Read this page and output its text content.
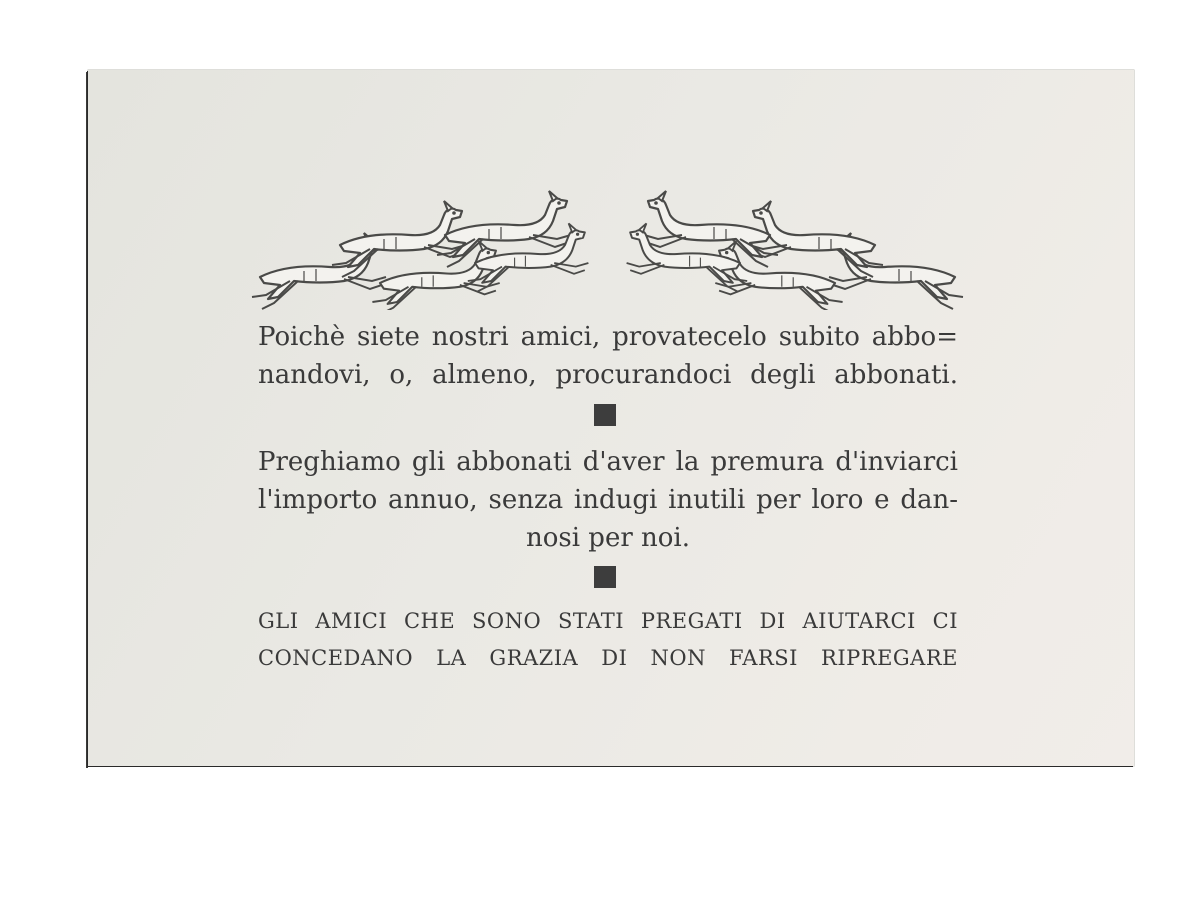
Poichè siete nostri amici, provatecelo subito abbo=
nandovi, o, almeno, procurandoci degli abbonati.
Preghiamo gli abbonati d'aver la premura d'inviarci
l'importo annuo, senza indugi inutili per loro e dan-
nosi per noi.
GLI AMICI CHE SONO STATI PREGATI DI AIUTARCI CI
CONCEDANO LA GRAZIA DI NON FARSI RIPREGARE
